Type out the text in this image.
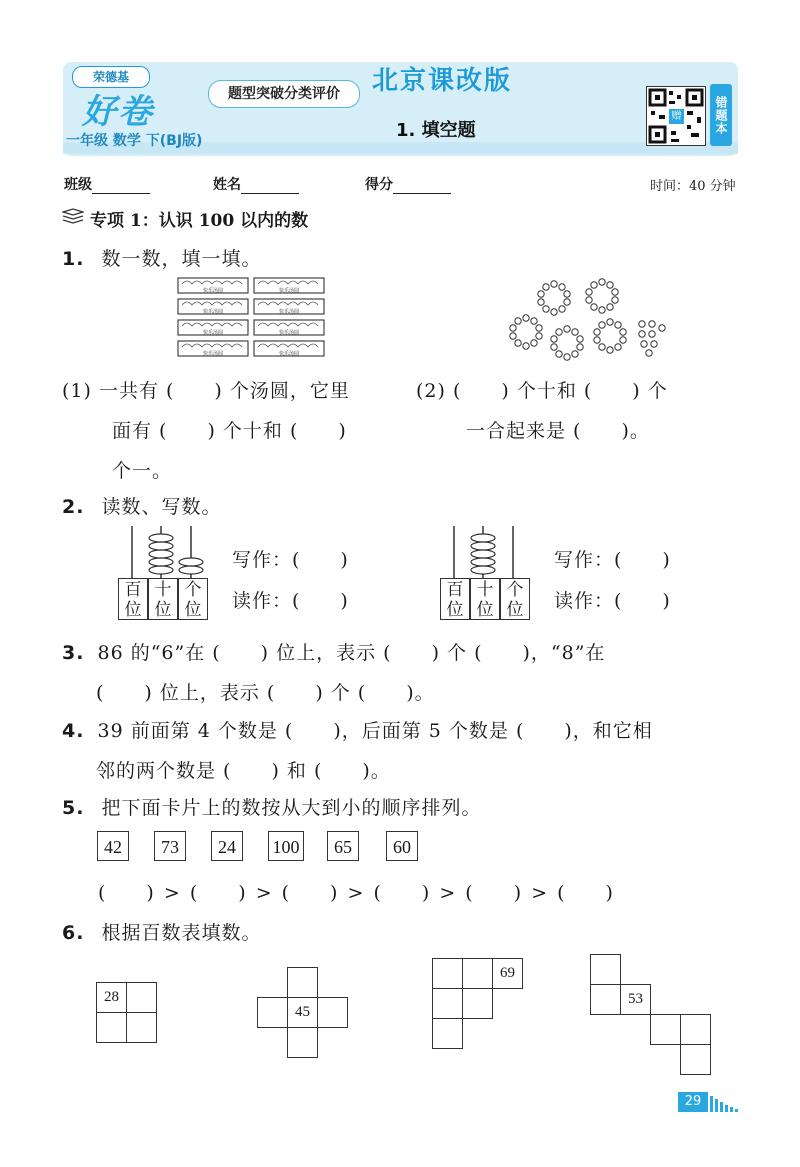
荣德基
好卷
一年级 数学 下(BJ版)
题型突破分类评价	北京课改版
1. 填空题
赠	错题本
班级	姓名	得分	时间：40 分钟
专项 1：认识 100 以内的数
1. 数一数，填一填。
快乐汤圆	快乐汤圆
快乐汤圆	快乐汤圆
快乐汤圆	快乐汤圆
快乐汤圆	快乐汤圆
(1) 一共有 (　　) 个汤圆，它里
面有 (　　) 个十和 (　　)
个一。
(2) (　　) 个十和 (　　) 个
一合起来是 (　　)。
2. 读数、写数。
百位
十位
个位
写作：(　　)
读作：(　　)	百位
十位
个位
写作：(　　)
读作：(　　)
3. 86 的“6”在 (　　) 位上，表示 (　　) 个 (　　)，“8”在
(　　) 位上，表示 (　　) 个 (　　)。
4. 39 前面第 4 个数是 (　　)，后面第 5 个数是 (　　)，和它相
邻的两个数是 (　　) 和 (　　)。
5. 把下面卡片上的数按从大到小的顺序排列。
42	73	24	100	65	60
(　　) > (　　) > (　　) > (　　) > (　　) > (　　)
6. 根据百数表填数。
28
45
69
53
29
